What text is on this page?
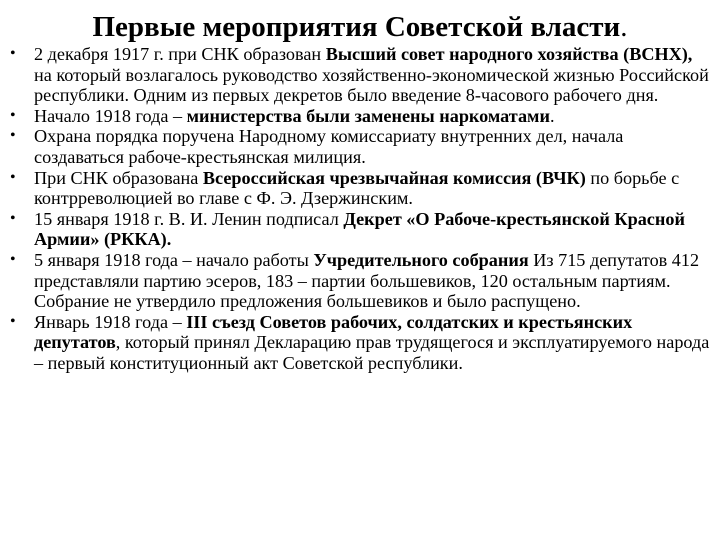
Первые мероприятия Советской власти.
•	2 декабря 1917 г. при СНК образован Высший совет народного хозяйства (ВСНХ), на который возлагалось руководство хозяйственно-экономической жизнью Российской республики. Одним из первых декретов было введение 8-часового рабочего дня.
•	Начало 1918 года – министерства были заменены наркоматами.
•	Охрана порядка поручена Народному комиссариату внутренних дел, начала создаваться рабоче-крестьянская милиция.
•	При СНК образована Всероссийская чрезвычайная комиссия (ВЧК) по борьбе с контрреволюцией во главе с Ф. Э. Дзержинским.
•	15 января 1918 г. В. И. Ленин подписал Декрет «О Рабоче-крестьянской Красной Армии» (РККА).
•	5 января 1918 года – начало работы Учредительного собрания Из 715 депутатов 412 представляли партию эсеров, 183 – партии большевиков, 120 остальным партиям. Собрание не утвердило предложения большевиков и было распущено.
•	Январь 1918 года – III съезд Советов рабочих, солдатских и крестьянских депутатов, который принял Декларацию прав трудящегося и эксплуатируемого народа – первый конституционный акт Советской республики.
